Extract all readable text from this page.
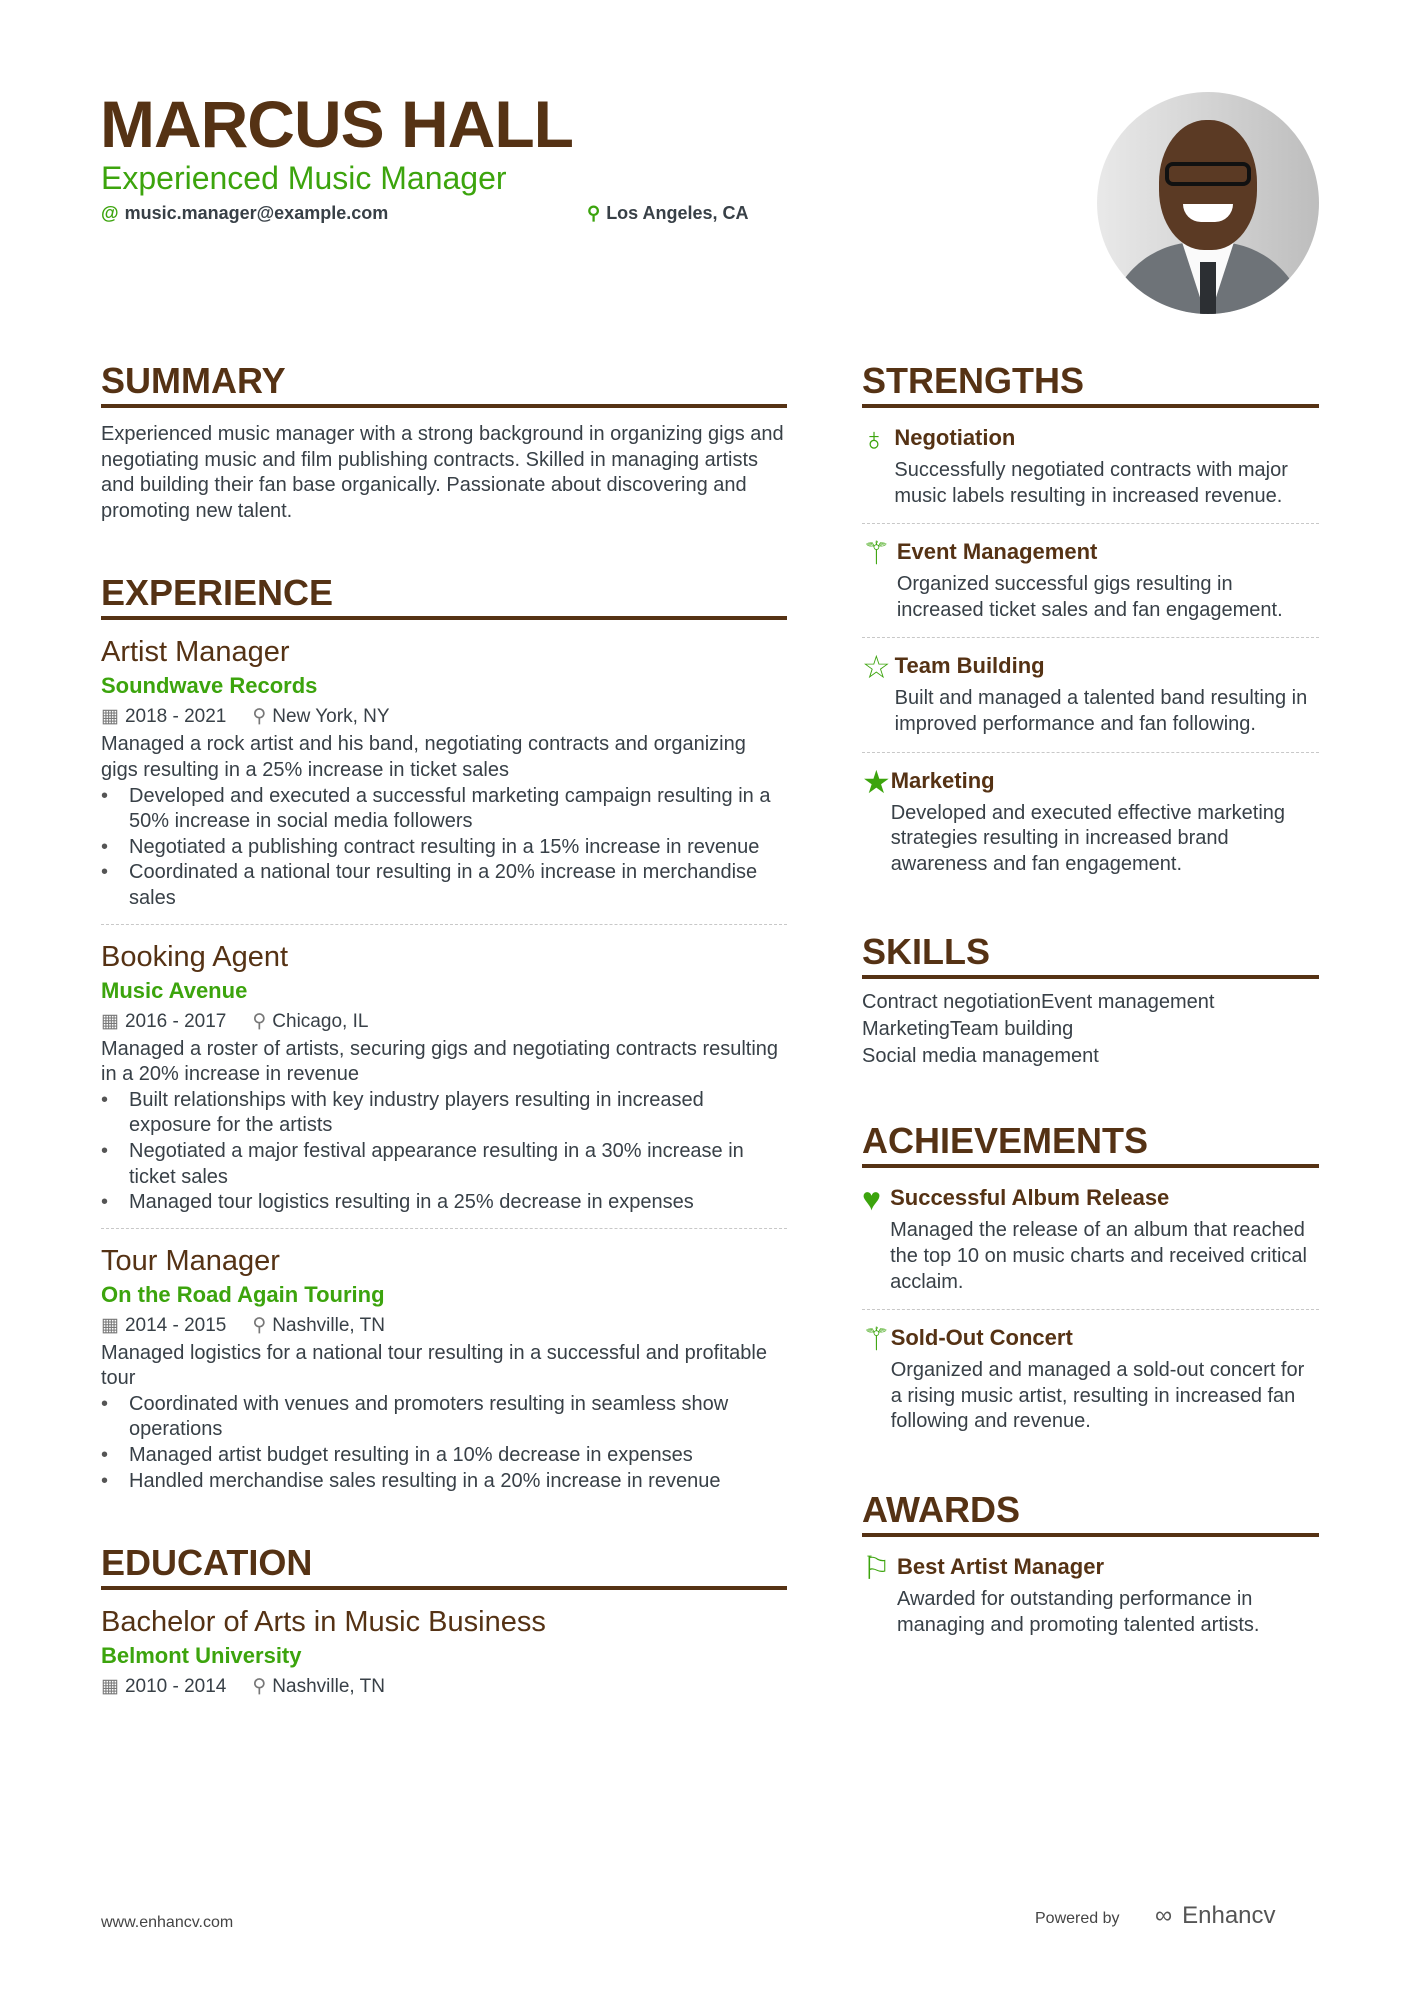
MARCUS HALL
Experienced Music Manager
@ music.manager@example.com	⚲ Los Angeles, CA
SUMMARY
Experienced music manager with a strong background in organizing gigs and negotiating music and film publishing contracts. Skilled in managing artists and building their fan base organically. Passionate about discovering and promoting new talent.
EXPERIENCE
Artist Manager
Soundwave Records
▦ 2018 - 2021 ⚲ New York, NY
Managed a rock artist and his band, negotiating contracts and organizing gigs resulting in a 25% increase in ticket sales
• Developed and executed a successful marketing campaign resulting in a 50% increase in social media followers
• Negotiated a publishing contract resulting in a 15% increase in revenue
• Coordinated a national tour resulting in a 20% increase in merchandise sales
Booking Agent
Music Avenue
▦ 2016 - 2017 ⚲ Chicago, IL
Managed a roster of artists, securing gigs and negotiating contracts resulting in a 20% increase in revenue
• Built relationships with key industry players resulting in increased exposure for the artists
• Negotiated a major festival appearance resulting in a 30% increase in ticket sales
• Managed tour logistics resulting in a 25% decrease in expenses
Tour Manager
On the Road Again Touring
▦ 2014 - 2015 ⚲ Nashville, TN
Managed logistics for a national tour resulting in a successful and profitable tour
• Coordinated with venues and promoters resulting in seamless show operations
• Managed artist budget resulting in a 10% decrease in expenses
• Handled merchandise sales resulting in a 20% increase in revenue
EDUCATION
Bachelor of Arts in Music Business
Belmont University
▦ 2010 - 2014 ⚲ Nashville, TN
STRENGTHS
♁ Negotiation
Successfully negotiated contracts with major music labels resulting in increased revenue.
⚚ Event Management
Organized successful gigs resulting in increased ticket sales and fan engagement.
☆ Team Building
Built and managed a talented band resulting in improved performance and fan following.
★ Marketing
Developed and executed effective marketing strategies resulting in increased brand awareness and fan engagement.
SKILLS
Contract negotiationEvent management
MarketingTeam building
Social media management
ACHIEVEMENTS
♥ Successful Album Release
Managed the release of an album that reached the top 10 on music charts and received critical acclaim.
⚚ Sold-Out Concert
Organized and managed a sold-out concert for a rising music artist, resulting in increased fan following and revenue.
AWARDS
⚐ Best Artist Manager
Awarded for outstanding performance in managing and promoting talented artists.
www.enhancv.com	Powered by ∞ Enhancv
